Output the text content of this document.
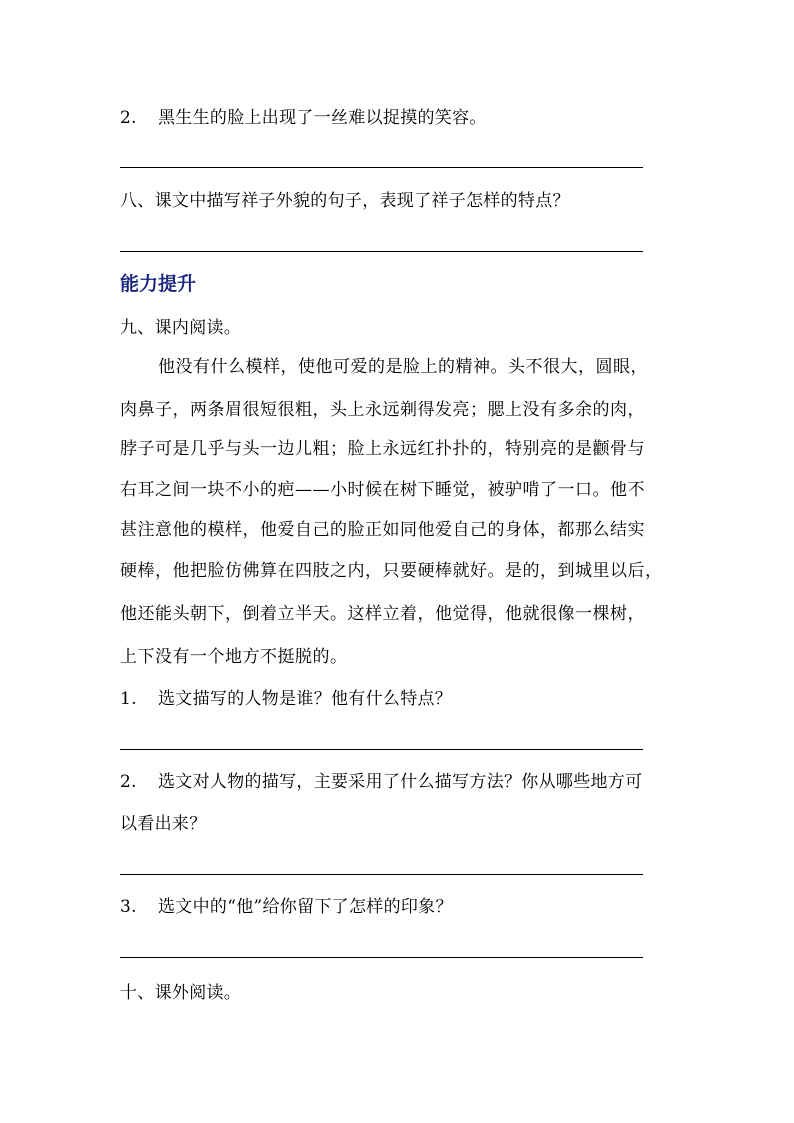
2. 黑生生的脸上出现了一丝难以捉摸的笑容。
八、课文中描写祥子外貌的句子，表现了祥子怎样的特点？
能力提升
九、课内阅读。
他没有什么模样，使他可爱的是脸上的精神。头不很大，圆眼，
肉鼻子，两条眉很短很粗，头上永远剃得发亮；腮上没有多余的肉，
脖子可是几乎与头一边儿粗；脸上永远红扑扑的，特别亮的是颧骨与
右耳之间一块不小的疤——小时候在树下睡觉，被驴啃了一口。他不
甚注意他的模样，他爱自己的脸正如同他爱自己的身体，都那么结实
硬棒，他把脸仿佛算在四肢之内，只要硬棒就好。是的，到城里以后，
他还能头朝下，倒着立半天。这样立着，他觉得，他就很像一棵树，
上下没有一个地方不挺脱的。
1. 选文描写的人物是谁？他有什么特点？
2. 选文对人物的描写，主要采用了什么描写方法？你从哪些地方可
以看出来？
3. 选文中的“他”给你留下了怎样的印象？
十、课外阅读。
